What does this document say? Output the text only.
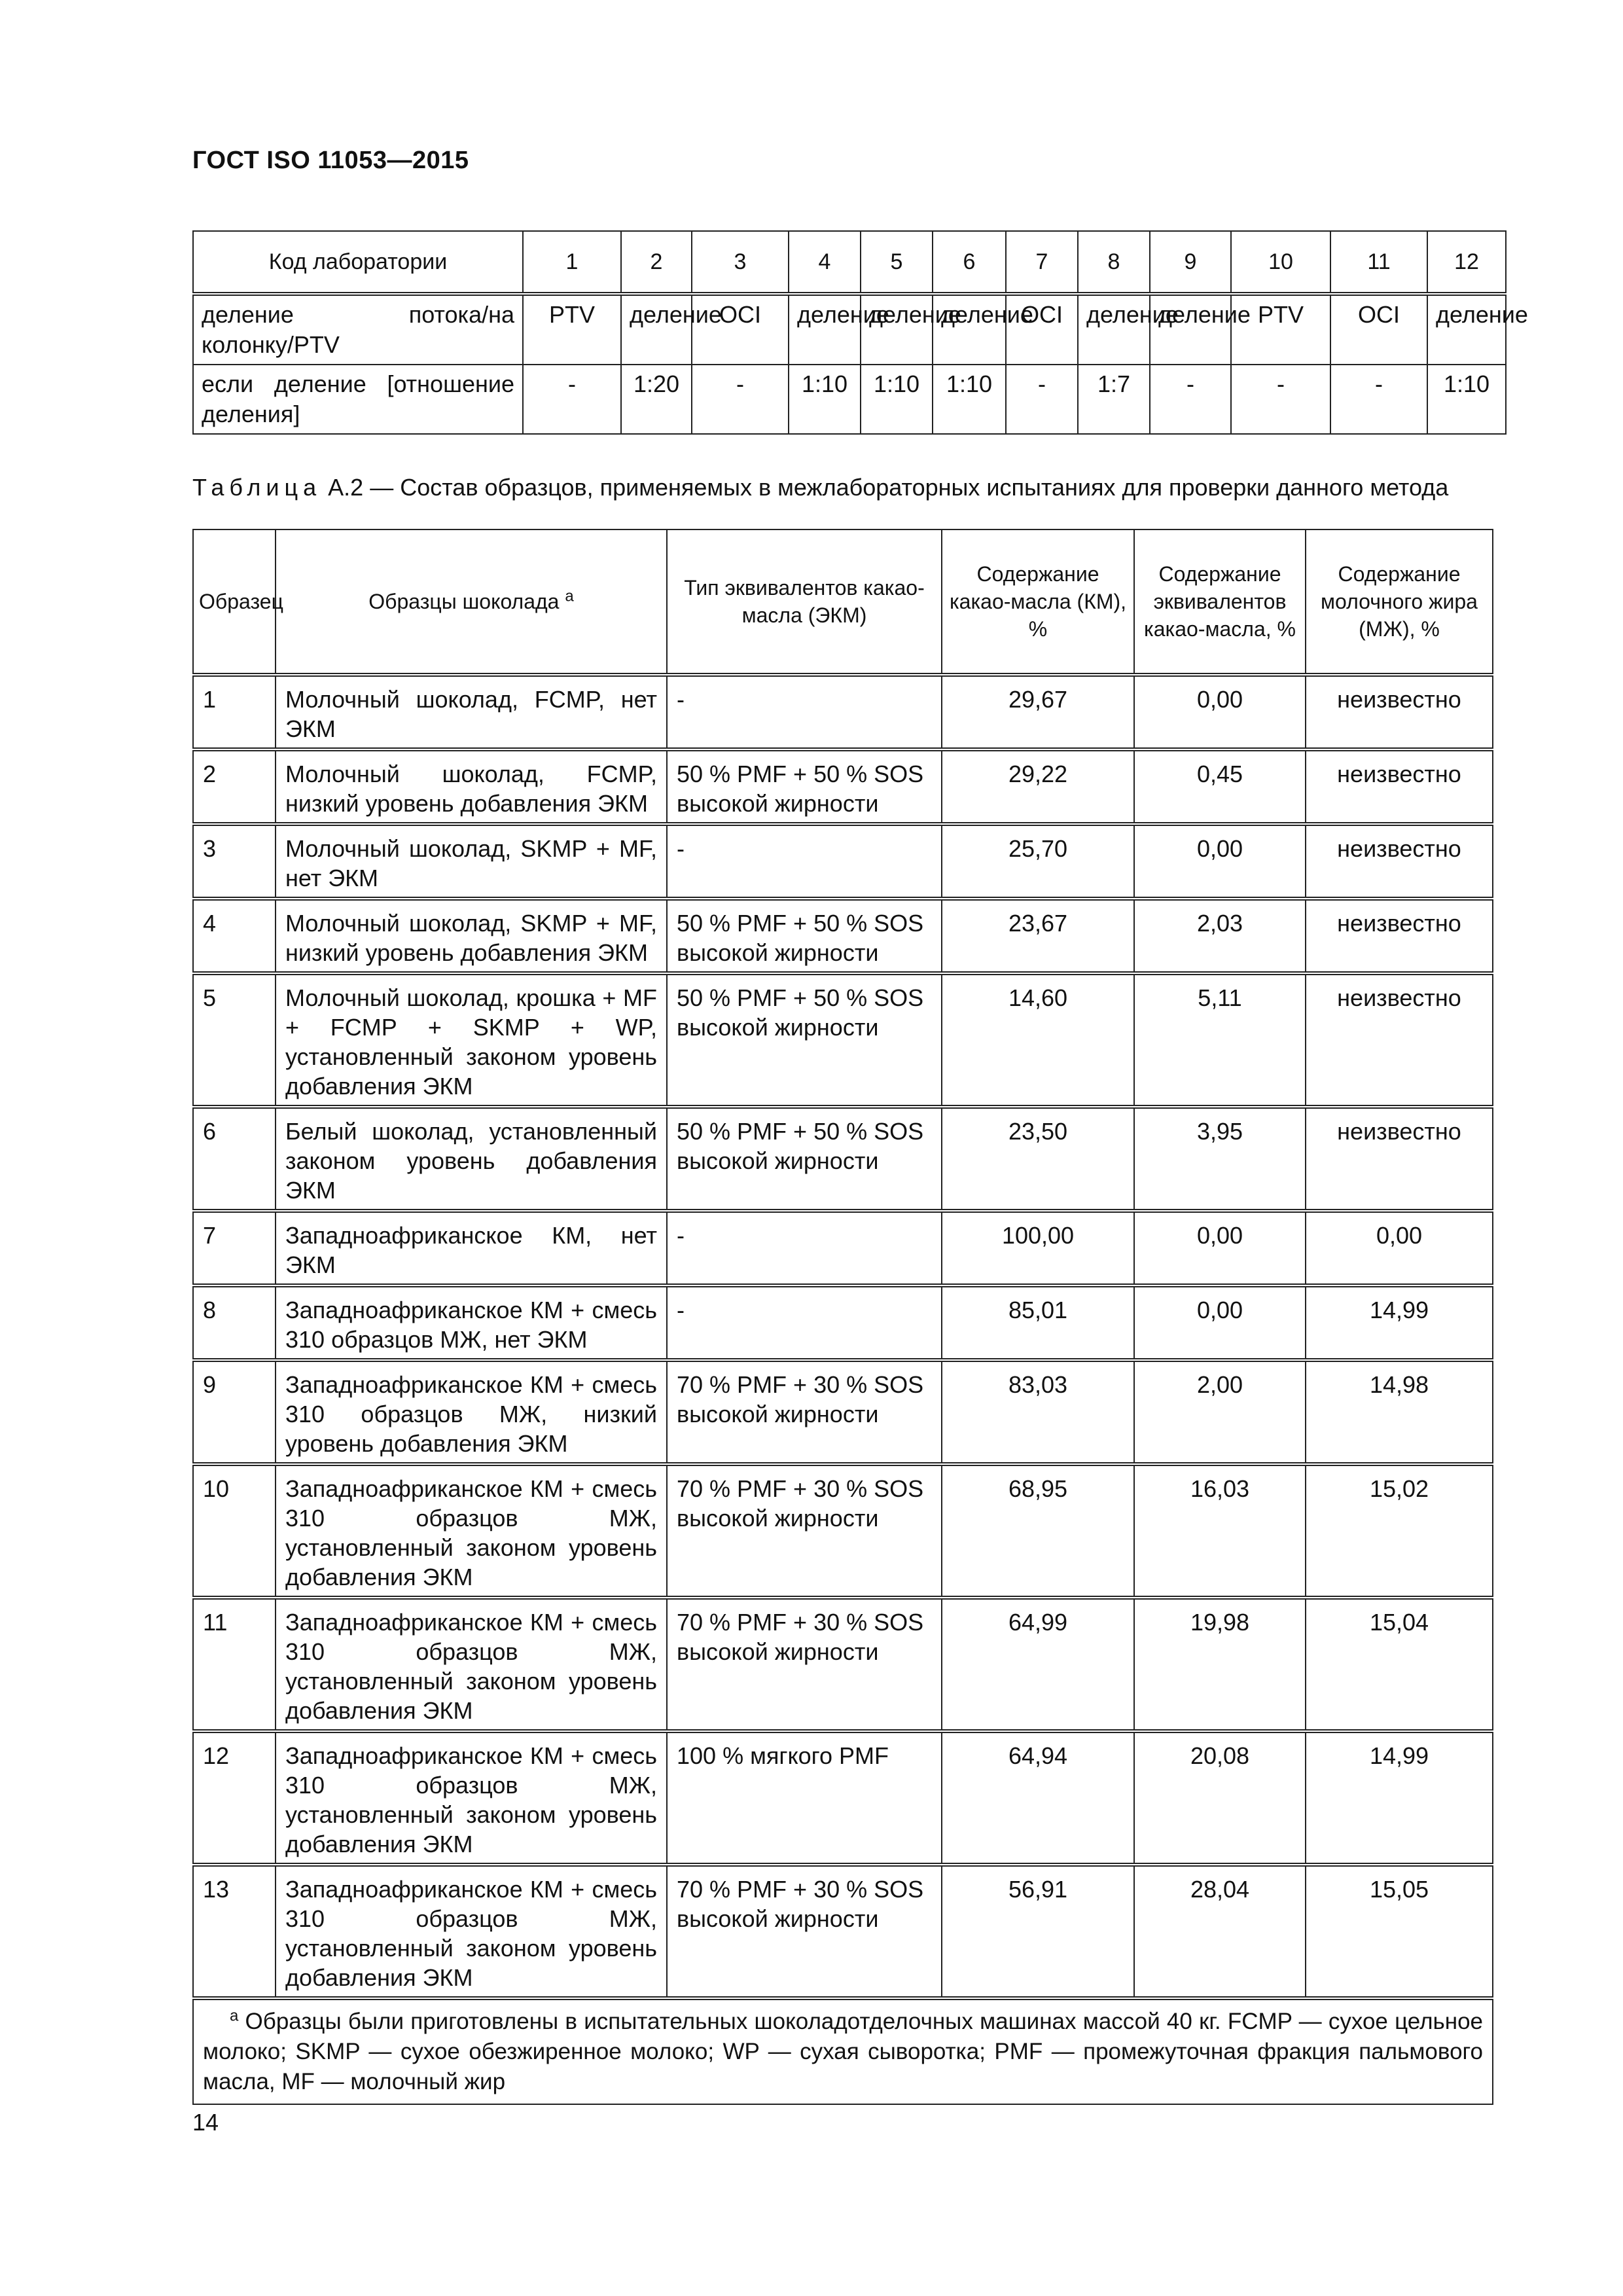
ГОСТ ISO 11053—2015
Код лаборатории	1	2	3	4	5	6	7	8	9	10	11	12
деление потока/на колонку/PTV	PTV	деление	OCI	деление	деление	деление	OCI	деление	деление	PTV	OCI	деление
если деление [отношение деления]	-	1:20	-	1:10	1:10	1:10	-	1:7	-	-	-	1:10
Таблица А.2 — Состав образцов, применяемых в межлабораторных испытаниях для проверки данного метода
Образец	Образцы шоколада $^a$	Тип эквивалентов какао-масла (ЭКМ)	Содержание какао-масла (КМ), %	Содержание эквивалентов какао-масла, %	Содержание молочного жира (МЖ), %
1	Молочный шоколад, FCMP, нет ЭКМ	-	29,67	0,00	неизвестно
2	Молочный шоколад, FCMP, низкий уровень добавления ЭКМ	50 % PMF + 50 % SOS высокой жирности	29,22	0,45	неизвестно
3	Молочный шоколад, SKMP + MF, нет ЭКМ	-	25,70	0,00	неизвестно
4	Молочный шоколад, SKMP + MF, низкий уровень добавления ЭКМ	50 % PMF + 50 % SOS высокой жирности	23,67	2,03	неизвестно
5	Молочный шоколад, крошка + MF + FCMP + SKMP + WP, установленный законом уровень добавления ЭКМ	50 % PMF + 50 % SOS высокой жирности	14,60	5,11	неизвестно
6	Белый шоколад, установленный законом уровень добавления ЭКМ	50 % PMF + 50 % SOS высокой жирности	23,50	3,95	неизвестно
7	Западноафриканское КМ, нет ЭКМ	-	100,00	0,00	0,00
8	Западноафриканское КМ + смесь 310 образцов МЖ, нет ЭКМ	-	85,01	0,00	14,99
9	Западноафриканское КМ + смесь 310 образцов МЖ, низкий уровень добавления ЭКМ	70 % PMF + 30 % SOS высокой жирности	83,03	2,00	14,98
10	Западноафриканское КМ + смесь 310 образцов МЖ, установленный законом уровень добавления ЭКМ	70 % PMF + 30 % SOS высокой жирности	68,95	16,03	15,02
11	Западноафриканское КМ + смесь 310 образцов МЖ, установленный законом уровень добавления ЭКМ	70 % PMF + 30 % SOS высокой жирности	64,99	19,98	15,04
12	Западноафриканское КМ + смесь 310 образцов МЖ, установленный законом уровень добавления ЭКМ	100 % мягкого PMF	64,94	20,08	14,99
13	Западноафриканское КМ + смесь 310 образцов МЖ, установленный законом уровень добавления ЭКМ	70 % PMF + 30 % SOS высокой жирности	56,91	28,04	15,05
$^a$ Образцы были приготовлены в испытательных шоколадотделочных машинах массой 40 кг. FCMP — сухое цельное молоко; SKMP — сухое обезжиренное молоко; WP — сухая сыворотка; PMF — промежуточная фракция пальмового масла, MF — молочный жир					
14
